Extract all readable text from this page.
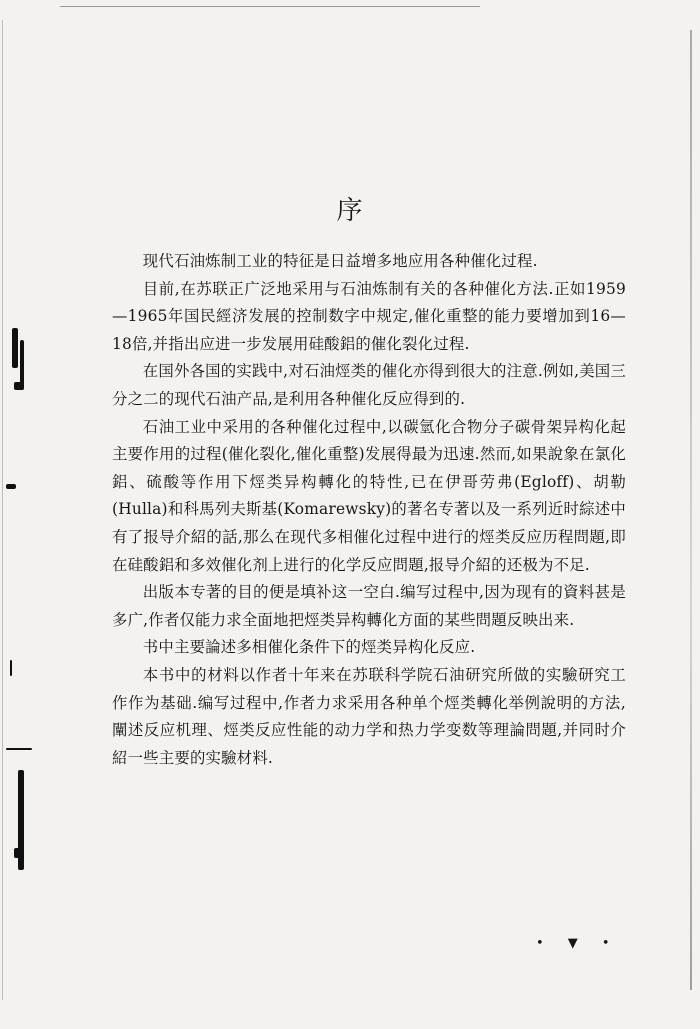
序

现代石油炼制工业的特征是日益增多地应用各种催化过程.

目前,在苏联正广泛地采用与石油炼制有关的各种催化方法.正如1959—1965年国民經济发展的控制数字中规定,催化重整的能力要增加到16—18倍,并指出应进一步发展用硅酸鋁的催化裂化过程.

在国外各国的实践中,对石油烴类的催化亦得到很大的注意.例如,美国三分之二的现代石油产品,是利用各种催化反应得到的.

石油工业中采用的各种催化过程中,以碳氫化合物分子碳骨架异构化起主要作用的过程(催化裂化,催化重整)发展得最为迅速.然而,如果說象在氯化鋁、硫酸等作用下烴类异构轉化的特性,已在伊哥劳弗(Egloff)、胡勒(Hulla)和科馬列夫斯基(Komarewsky)的著名专著以及一系列近时綜述中有了报导介紹的話,那么在现代多相催化过程中进行的烴类反应历程問題,即在硅酸鋁和多效催化剂上进行的化学反应問題,报导介紹的还极为不足.

出版本专著的目的便是填补这一空白.编写过程中,因为现有的資料甚是多广,作者仅能力求全面地把烴类异构轉化方面的某些問題反映出来.

书中主要論述多相催化条件下的烴类异构化反应.

本书中的材料以作者十年来在苏联科学院石油研究所做的实驗研究工作作为基础.编写过程中,作者力求采用各种单个烴类轉化举例說明的方法,闡述反应机理、烴类反应性能的动力学和热力学变数等理論問題,并同时介紹一些主要的实驗材料.

• ▼ •
